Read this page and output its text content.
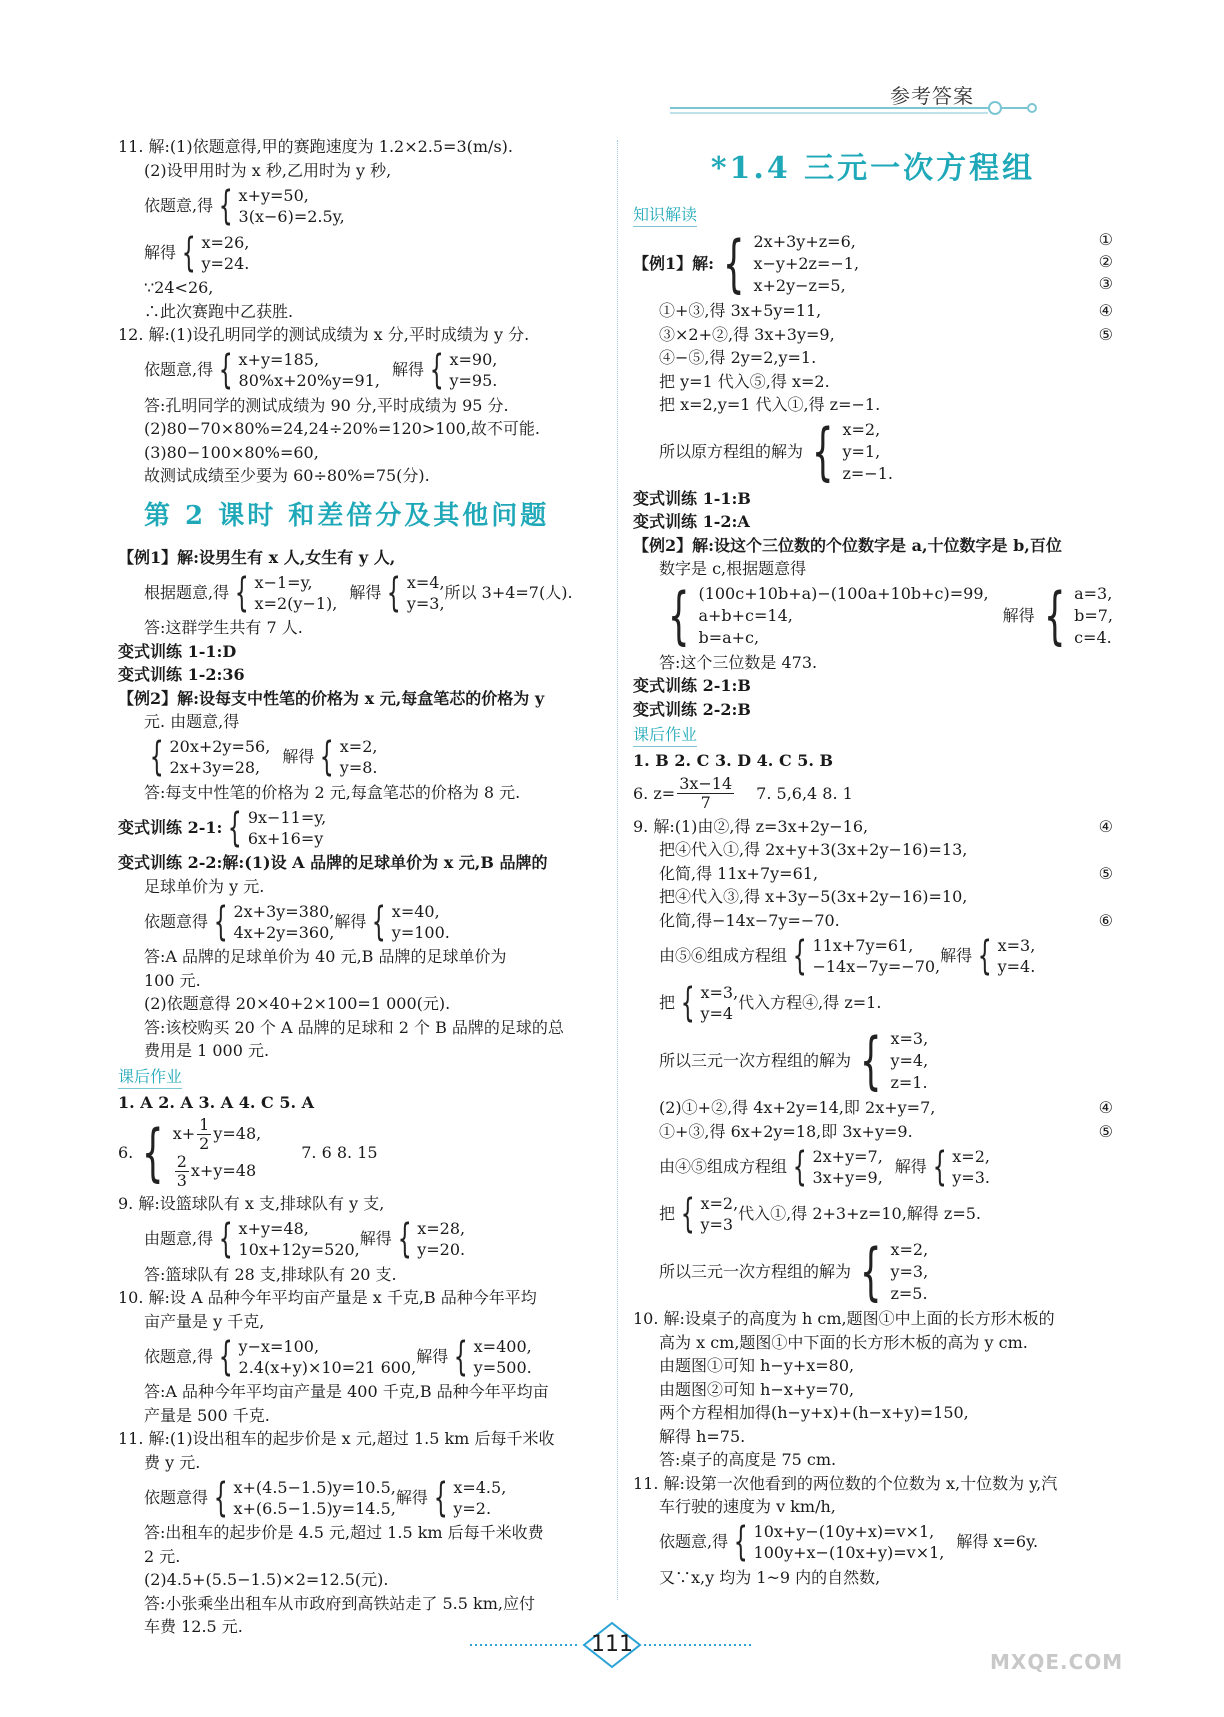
参考答案
11. 解:(1)依题意得,甲的赛跑速度为 1.2×2.5=3(m/s).
(2)设甲用时为 x 秒,乙用时为 y 秒,
依题意,得 { x+y=50,
3(x−6)=2.5y,
解得 { x=26,
y=24.
∵24<26,
∴此次赛跑中乙获胜.
12. 解:(1)设孔明同学的测试成绩为 x 分,平时成绩为 y 分.
依题意,得 { x+y=185,
80%x+20%y=91,
解得 { x=90,
y=95.
答:孔明同学的测试成绩为 90 分,平时成绩为 95 分.
(2)80−70×80%=24,24÷20%=120>100,故不可能.
(3)80−100×80%=60,
故测试成绩至少要为 60÷80%=75(分).
第 2 课时 和差倍分及其他问题
【例1】解:设男生有 x 人,女生有 y 人,
根据题意,得 { x−1=y,
x=2(y−1),
解得 { x=4,
y=3,
所以 3+4=7(人).
答:这群学生共有 7 人.
变式训练 1-1:D
变式训练 1-2:36
【例2】解:设每支中性笔的价格为 x 元,每盒笔芯的价格为 y
元. 由题意,得
{ 20x+2y=56,
2x+3y=28,
解得 { x=2,
y=8.
答:每支中性笔的价格为 2 元,每盒笔芯的价格为 8 元.
变式训练 2-1: { 9x−11=y,
6x+16=y
变式训练 2-2:解:(1)设 A 品牌的足球单价为 x 元,B 品牌的
足球单价为 y 元.
依题意得 { 2x+3y=380,
4x+2y=360,
解得 { x=40,
y=100.
答:A 品牌的足球单价为 40 元,B 品牌的足球单价为
100 元.
(2)依题意得 20×40+2×100=1 000(元).
答:该校购买 20 个 A 品牌的足球和 2 个 B 品牌的足球的总
费用是 1 000 元.
课后作业
1. A 2. A 3. A 4. C 5. A
6. { $x+ \frac{1}{2} y=48$,
$\frac{2}{3} x+y=48$
7. 6 8. 15
9. 解:设篮球队有 x 支,排球队有 y 支,
由题意,得 { x+y=48,
10x+12y=520,
解得 { x=28,
y=20.
答:篮球队有 28 支,排球队有 20 支.
10. 解:设 A 品种今年平均亩产量是 x 千克,B 品种今年平均
亩产量是 y 千克,
依题意,得 { y−x=100,
2.4(x+y)×10=21 600,
解得 { x=400,
y=500.
答:A 品种今年平均亩产量是 400 千克,B 品种今年平均亩
产量是 500 千克.
11. 解:(1)设出租车的起步价是 x 元,超过 1.5 km 后每千米收
费 y 元.
依题意得 { x+(4.5−1.5)y=10.5,
x+(6.5−1.5)y=14.5,
解得 { x=4.5,
y=2.
答:出租车的起步价是 4.5 元,超过 1.5 km 后每千米收费
2 元.
(2)4.5+(5.5−1.5)×2=12.5(元).
答:小张乘坐出租车从市政府到高铁站走了 5.5 km,应付
车费 12.5 元.
*1.4 三元一次方程组
知识解读
【例1】解: { 2x+3y+z=6,
x−y+2z=−1,
x+2y−z=5,
①
②
③
①+③,得 3x+5y=11,	④
③×2+②,得 3x+3y=9,	⑤
④−⑤,得 2y=2,y=1.
把 y=1 代入⑤,得 x=2.
把 x=2,y=1 代入①,得 z=−1.
所以原方程组的解为 { x=2,
y=1,
z=−1.
变式训练 1-1:B
变式训练 1-2:A
【例2】解:设这个三位数的个位数字是 a,十位数字是 b,百位
数字是 c,根据题意得
{ (100c+10b+a)−(100a+10b+c)=99,
a+b+c=14,
b=a+c,
解得 { a=3,
b=7,
c=4.
答:这个三位数是 473.
变式训练 2-1:B
变式训练 2-2:B
课后作业
1. B 2. C 3. D 4. C 5. B
6. $z= \frac{3x-14}{7} 7$. 5,6,4 8. 1
9. 解:(1)由②,得 z=3x+2y−16,	④
把④代入①,得 2x+y+3(3x+2y−16)=13,
化简,得 11x+7y=61,	⑤
把④代入③,得 x+3y−5(3x+2y−16)=10,
化简,得−14x−7y=−70.	⑥
由⑤⑥组成方程组 { 11x+7y=61,
−14x−7y=−70,
解得 { x=3,
y=4.
把 { x=3,
y=4
代入方程④,得 z=1.
所以三元一次方程组的解为 { x=3,
y=4,
z=1.
(2)①+②,得 4x+2y=14,即 2x+y=7,	④
①+③,得 6x+2y=18,即 3x+y=9.	⑤
由④⑤组成方程组 { 2x+y=7,
3x+y=9,
解得 { x=2,
y=3.
把 { x=2,
y=3
代入①,得 2+3+z=10,解得 z=5.
所以三元一次方程组的解为 { x=2,
y=3,
z=5.
10. 解:设桌子的高度为 h cm,题图①中上面的长方形木板的
高为 x cm,题图①中下面的长方形木板的高为 y cm.
由题图①可知 h−y+x=80,
由题图②可知 h−x+y=70,
两个方程相加得(h−y+x)+(h−x+y)=150,
解得 h=75.
答:桌子的高度是 75 cm.
11. 解:设第一次他看到的两位数的个位数为 x,十位数为 y,汽
车行驶的速度为 v km/h,
依题意,得 { 10x+y−(10y+x)=v×1,
100y+x−(10x+y)=v×1,
解得 x=6y.
又∵x,y 均为 1~9 内的自然数,
111
MXQE.COM
